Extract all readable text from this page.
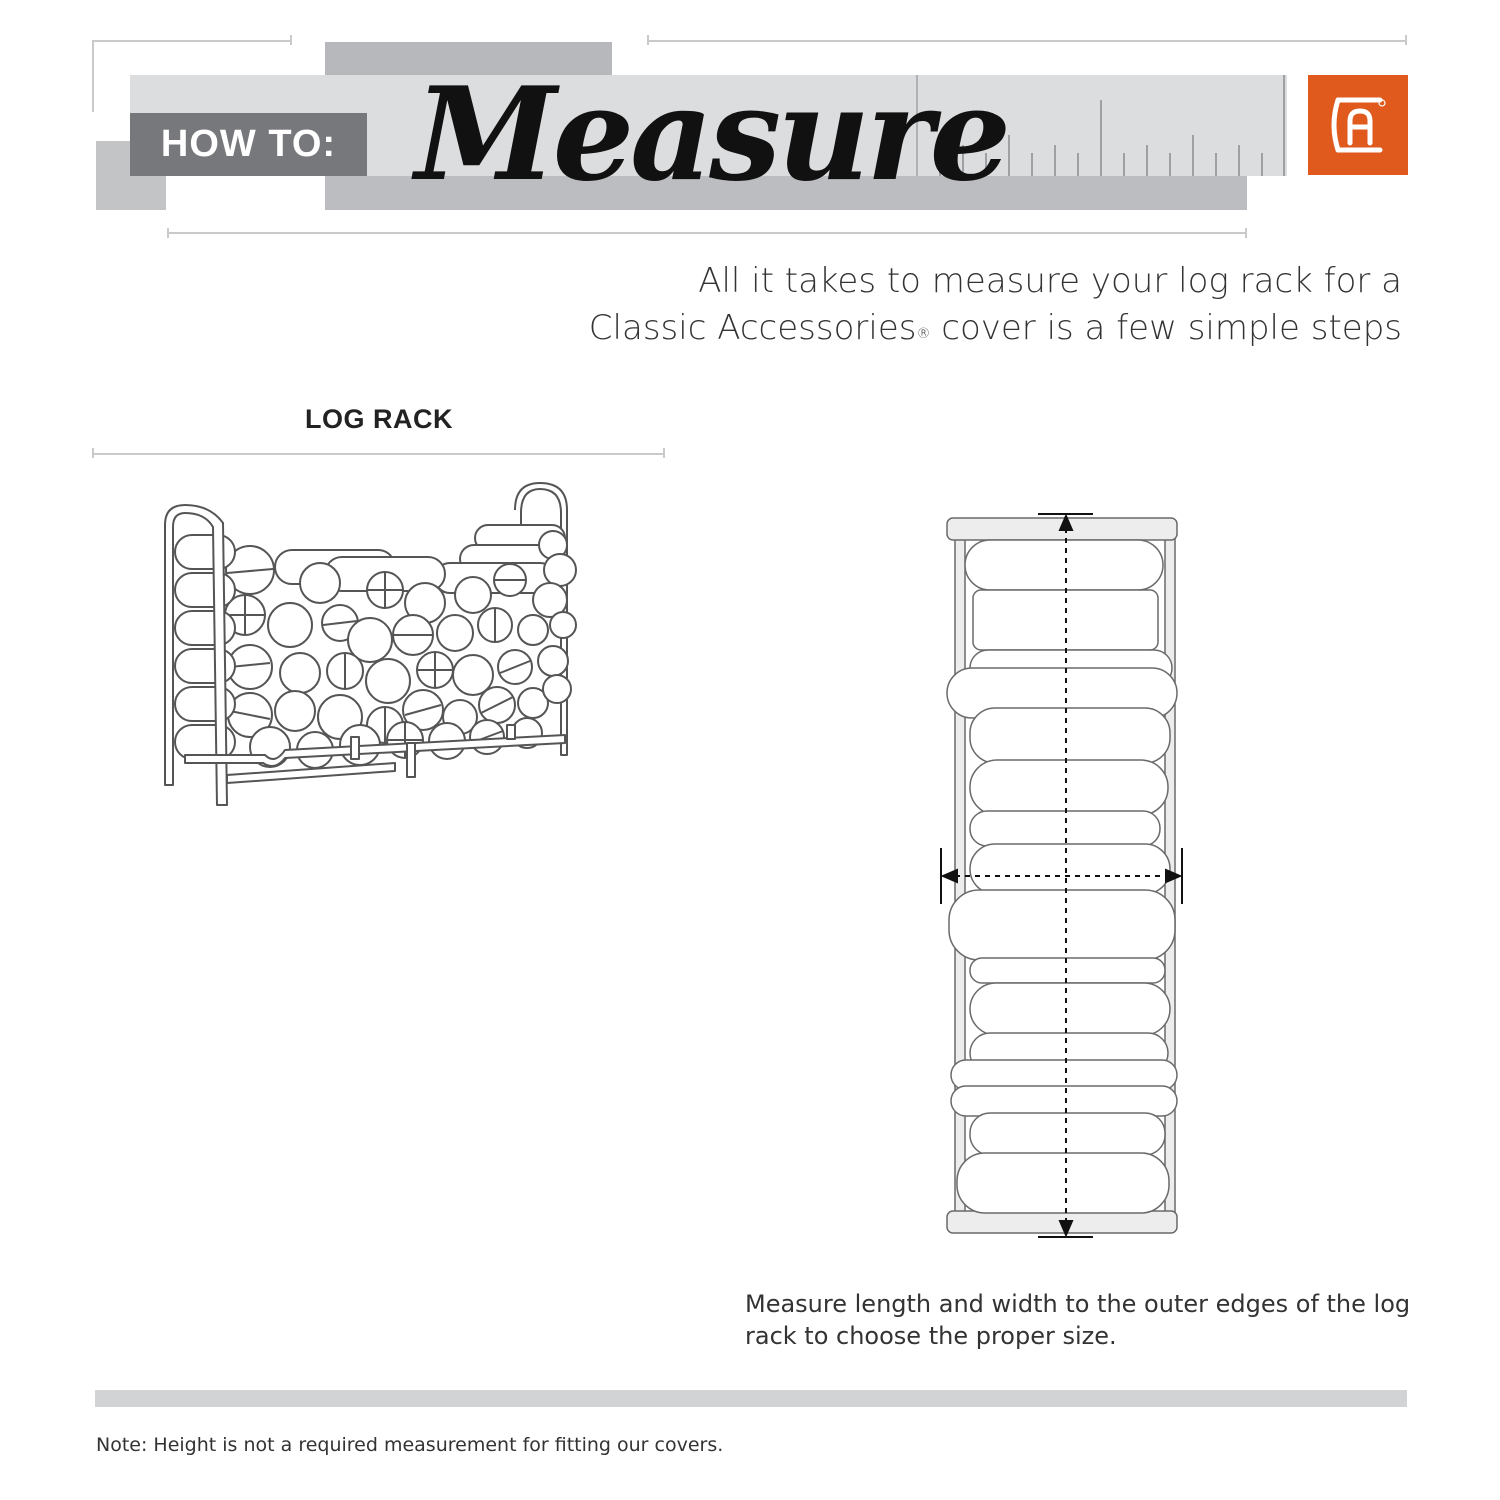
HOW TO: Measure
All it takes to measure your log rack for a
Classic Accessories® cover is a few simple steps
LOG RACK
Measure length and width to the outer edges of the log rack to choose the proper size.
Note: Height is not a required measurement for fitting our covers.
